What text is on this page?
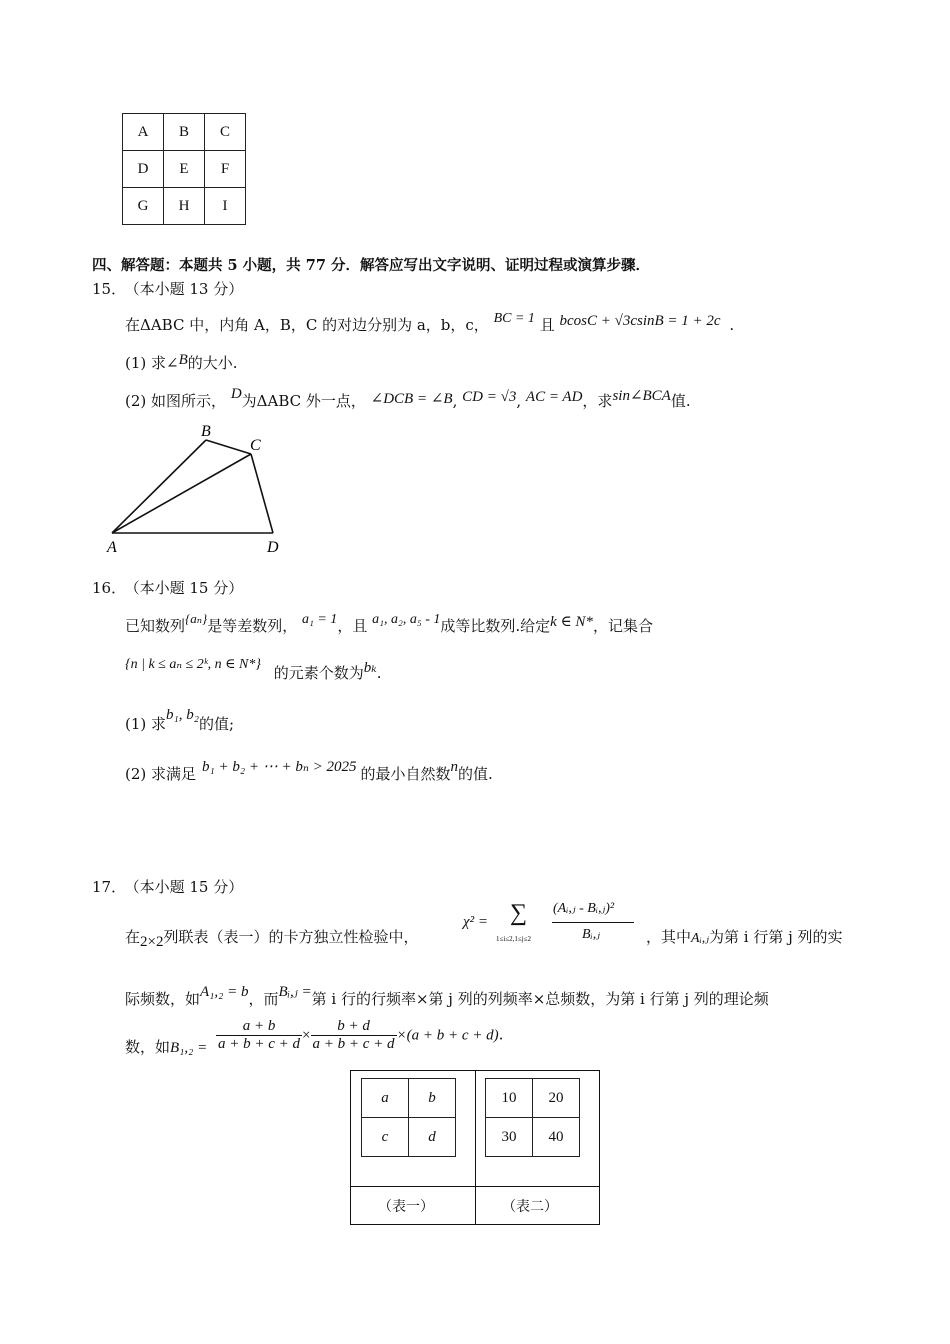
A	B	C
D	E	F
G	H	I
四、解答题：本题共 5 小题，共 77 分．解答应写出文字说明、证明过程或演算步骤．
15． （本小题 13 分）
在ΔABC 中，内角 A，B，C 的对边分别为 a，b，c， BC = 1 且 bcosC + √3csinB = 1 + 2c .
(1) 求∠B的大小.
(2) 如图所示， D为ΔABC 外一点， ∠DCB = ∠B, CD = √3, AC = AD，求sin∠BCA值.
B
C
A	D
16． （本小题 15 分）
已知数列{aₙ}是等差数列， a₁ = 1，且 a₁, a₂, a₅ - 1成等比数列.给定k ∈ N*，记集合
{n | k ≤ aₙ ≤ 2ᵏ, n ∈ N*} 的元素个数为bₖ.
(1) 求b₁, b₂的值;
(2) 求满足 b₁ + b₂ + ⋯ + bₙ > 2025 的最小自然数n的值.
17． （本小题 15 分）
在2×2列联表（表一）的卡方独立性检验中，
χ² = ∑
1≤i≤2,1≤j≤2
(Aᵢ,ⱼ - Bᵢ,ⱼ)²
Bᵢ,ⱼ	，其中Aᵢ,ⱼ为第 i 行第 j 列的实
际频数，如A₁,₂ = b，而Bᵢ,ⱼ =第 i 行的行频率×第 j 列的列频率×总频数，为第 i 行第 j 列的理论频
数，如$B_1,_2 = \frac{a + b}{a + b + c + d} \times \frac{b + d}{a + b + c + d} \times(a + b + c + d)$.
a	b
c	d
10	20
30	40
（表一）	（表二）
